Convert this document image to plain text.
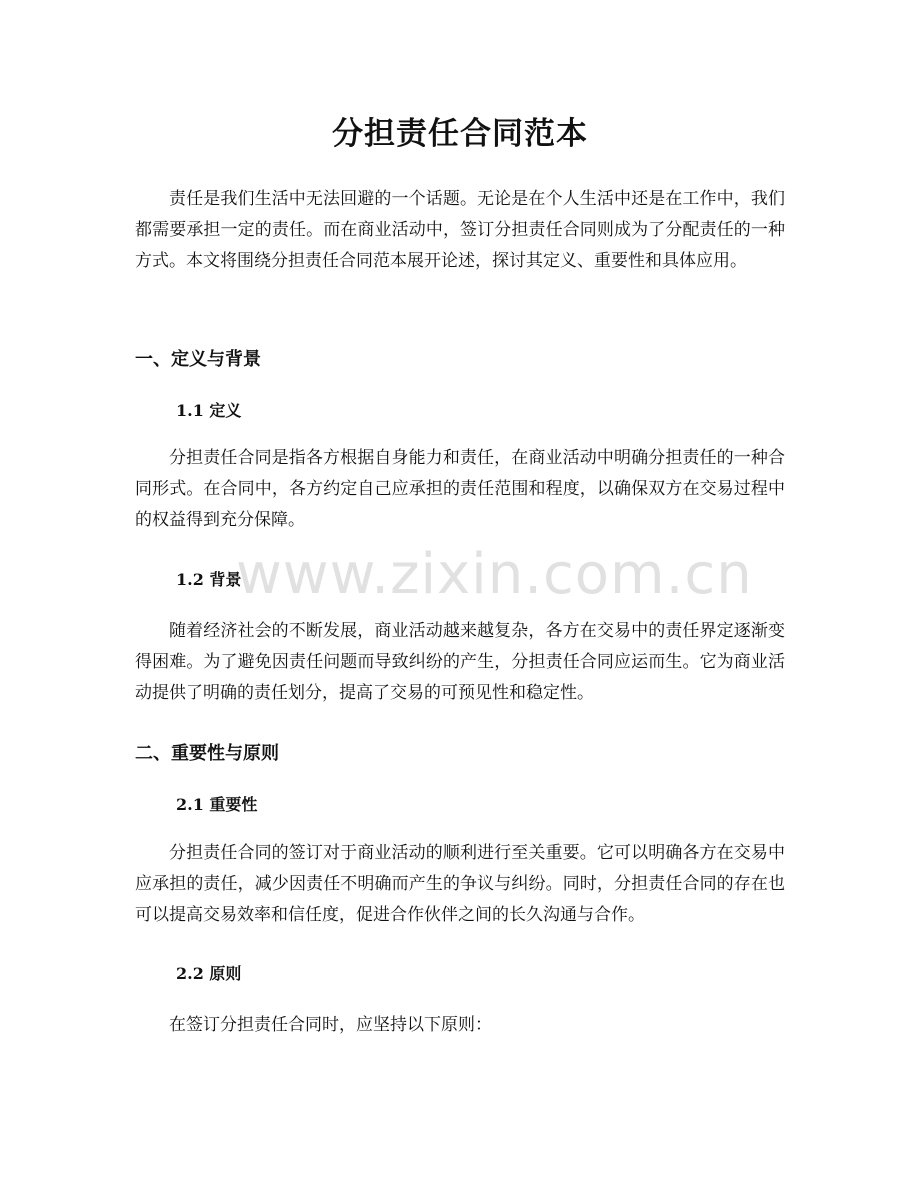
分担责任合同范本

责任是我们生活中无法回避的一个话题。无论是在个人生活中还是在工作中，我们都需要承担一定的责任。而在商业活动中，签订分担责任合同则成为了分配责任的一种方式。本文将围绕分担责任合同范本展开论述，探讨其定义、重要性和具体应用。

一、定义与背景
1.1 定义

分担责任合同是指各方根据自身能力和责任，在商业活动中明确分担责任的一种合同形式。在合同中，各方约定自己应承担的责任范围和程度，以确保双方在交易过程中的权益得到充分保障。

1.2 背景

随着经济社会的不断发展，商业活动越来越复杂，各方在交易中的责任界定逐渐变得困难。为了避免因责任问题而导致纠纷的产生，分担责任合同应运而生。它为商业活动提供了明确的责任划分，提高了交易的可预见性和稳定性。

二、重要性与原则
2.1 重要性

分担责任合同的签订对于商业活动的顺利进行至关重要。它可以明确各方在交易中应承担的责任，减少因责任不明确而产生的争议与纠纷。同时，分担责任合同的存在也可以提高交易效率和信任度，促进合作伙伴之间的长久沟通与合作。

2.2 原则

在签订分担责任合同时，应坚持以下原则：

www.zixin.com.cn
